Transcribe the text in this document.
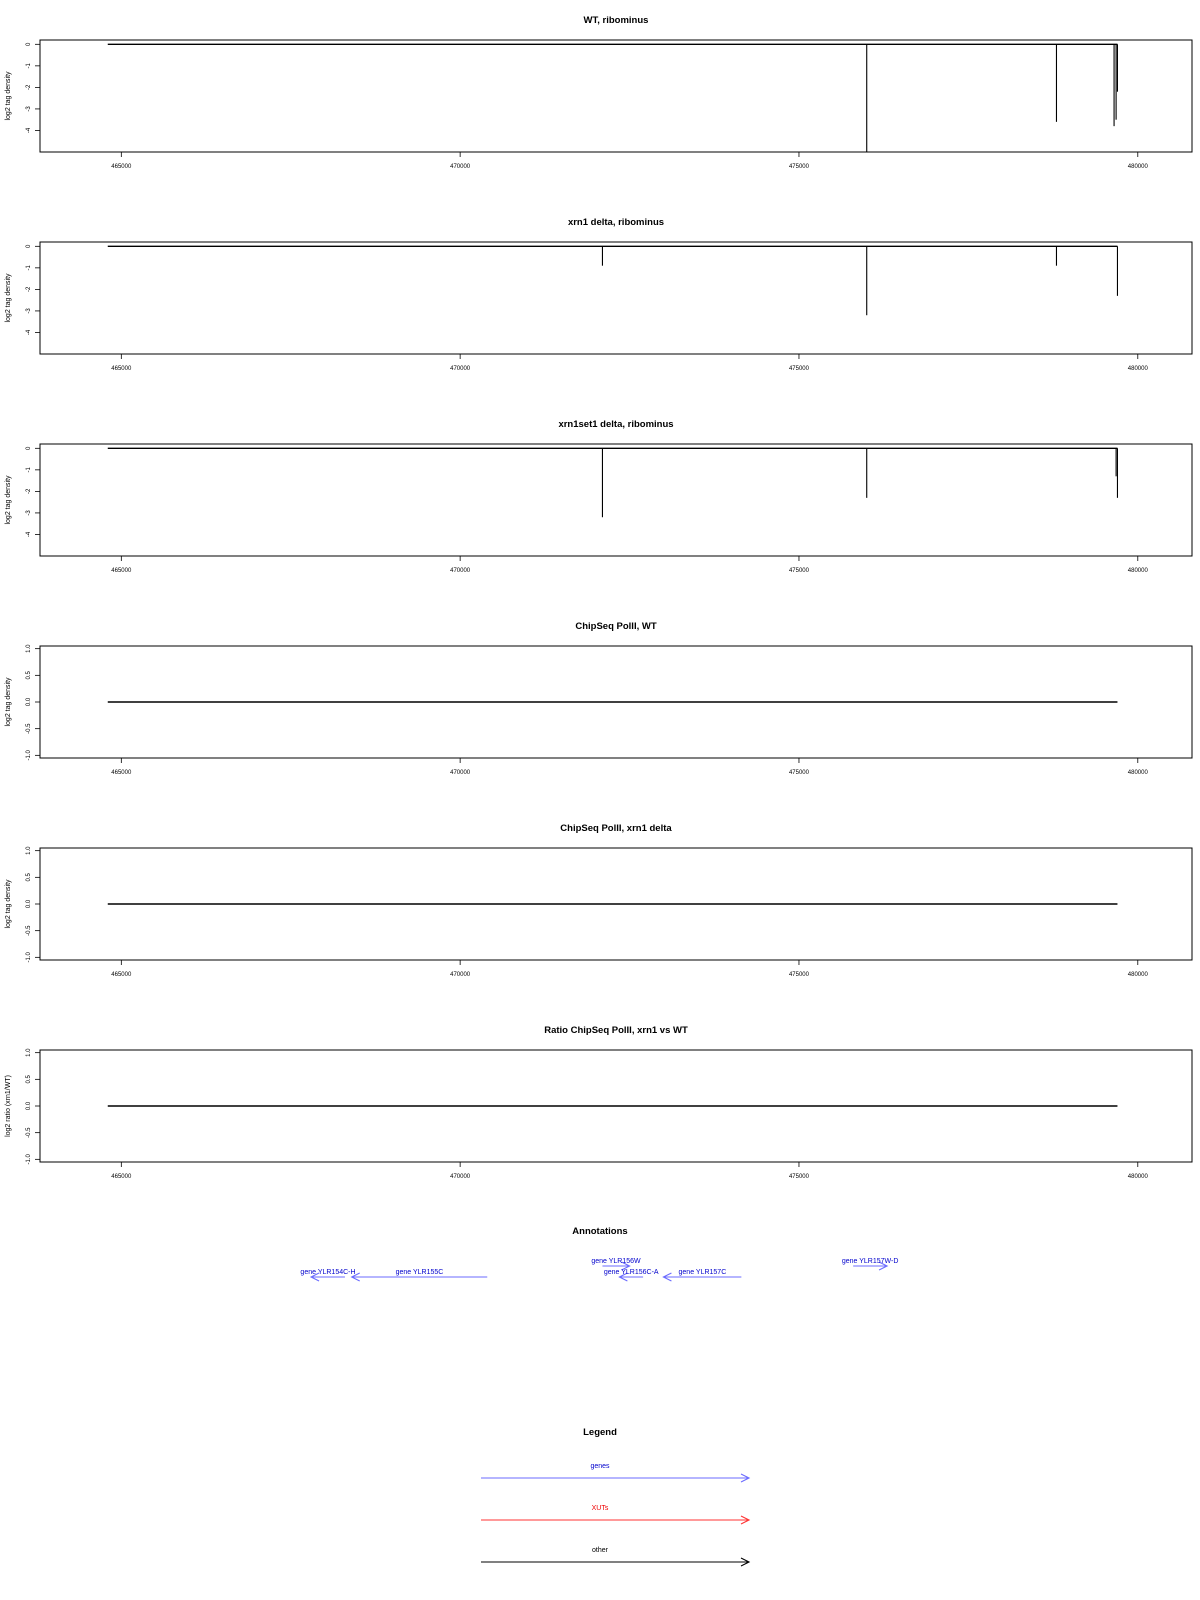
WT, ribominus
0
-1
-2
-3
-4
465000	470000	475000	480000
log2 tag density
xrn1 delta, ribominus
0
-1
-2
-3
-4
465000	470000	475000	480000
log2 tag density
xrn1set1 delta, ribominus
0
-1
-2
-3
-4
465000	470000	475000	480000
log2 tag density
ChipSeq PolII, WT
1.0
0.5
0.0
-0.5
-1.0
465000	470000	475000	480000
log2 tag density
ChipSeq PolII, xrn1 delta
1.0
0.5
0.0
-0.5
-1.0
465000	470000	475000	480000
log2 tag density
Ratio ChipSeq PolII, xrn1 vs WT
1.0
0.5
0.0
-0.5
-1.0
465000	470000	475000	480000
log2 ratio (xrn1/WT)
Annotations
gene YLR154C-H	gene YLR155C
gene YLR156W
gene YLR156C-A	gene YLR157C
gene YLR157W-D
Legend
genes
XUTs
other
